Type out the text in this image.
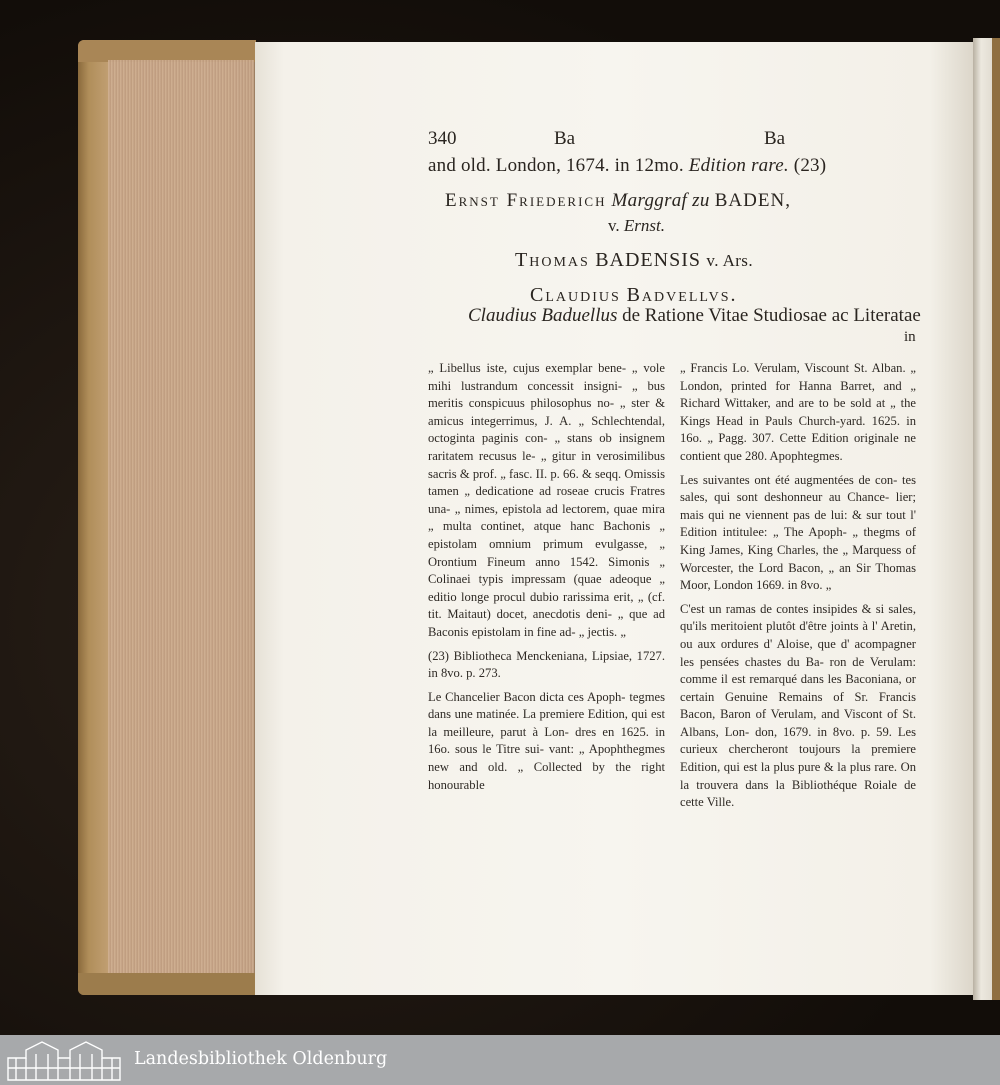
340	Ba	Ba
and old. London, 1674. in 12mo. Edition rare. (23)
Ernst Friederich Marggraf zu BADEN,
v. Ernst.
Thomas BADENSIS v. Ars.
Claudius Badvellvs.
Claudius Baduellus de Ratione Vitae Studiosae ac Literatae
in

„ Libellus iste, cujus exemplar bene- „ vole mihi lustrandum concessit insigni- „ bus meritis conspicuus philosophus no- „ ster & amicus integerrimus, J. A. „ Schlechtendal, octoginta paginis con- „ stans ob insignem raritatem recusus le- „ gitur in verosimilibus sacris & prof. „ fasc. II. p. 66. & seqq. Omissis tamen „ dedicatione ad roseae crucis Fratres una- „ nimes, epistola ad lectorem, quae mira „ multa continet, atque hanc Bachonis „ epistolam omnium primum evulgasse, „ Orontium Fineum anno 1542. Simonis „ Colinaei typis impressam (quae adeoque „ editio longe procul dubio rarissima erit, „ (cf. tit. Maitaut) docet, anecdotis deni- „ que ad Baconis epistolam in fine ad- „ jectis. „

(23) Bibliotheca Menckeniana, Lipsiae, 1727. in 8vo. p. 273.

Le Chancelier Bacon dicta ces Apoph- tegmes dans une matinée. La premiere Edition, qui est la meilleure, parut à Lon- dres en 1625. in 16o. sous le Titre sui- vant: „ Apophthegmes new and old. „ Collected by the right honourable

„ Francis Lo. Verulam, Viscount St. Alban. „ London, printed for Hanna Barret, and „ Richard Wittaker, and are to be sold at „ the Kings Head in Pauls Church-yard. 1625. in 16o. „ Pagg. 307. Cette Edition originale ne contient que 280. Apophtegmes.

Les suivantes ont été augmentées de con- tes sales, qui sont deshonneur au Chance- lier; mais qui ne viennent pas de lui: & sur tout l' Edition intitulee: „ The Apoph- „ thegms of King James, King Charles, the „ Marquess of Worcester, the Lord Bacon, „ an Sir Thomas Moor, London 1669. in 8vo. „

C'est un ramas de contes insipides & si sales, qu'ils meritoient plutôt d'être joints à l' Aretin, ou aux ordures d' Aloise, que d' acompagner les pensées chastes du Ba- ron de Verulam: comme il est remarqué dans les Baconiana, or certain Genuine Remains of Sr. Francis Bacon, Baron of Verulam, and Viscont of St. Albans, Lon- don, 1679. in 8vo. p. 59. Les curieux chercheront toujours la premiere Edition, qui est la plus pure & la plus rare. On la trouvera dans la Bibliothéque Roiale de cette Ville.

Landesbibliothek Oldenburg
